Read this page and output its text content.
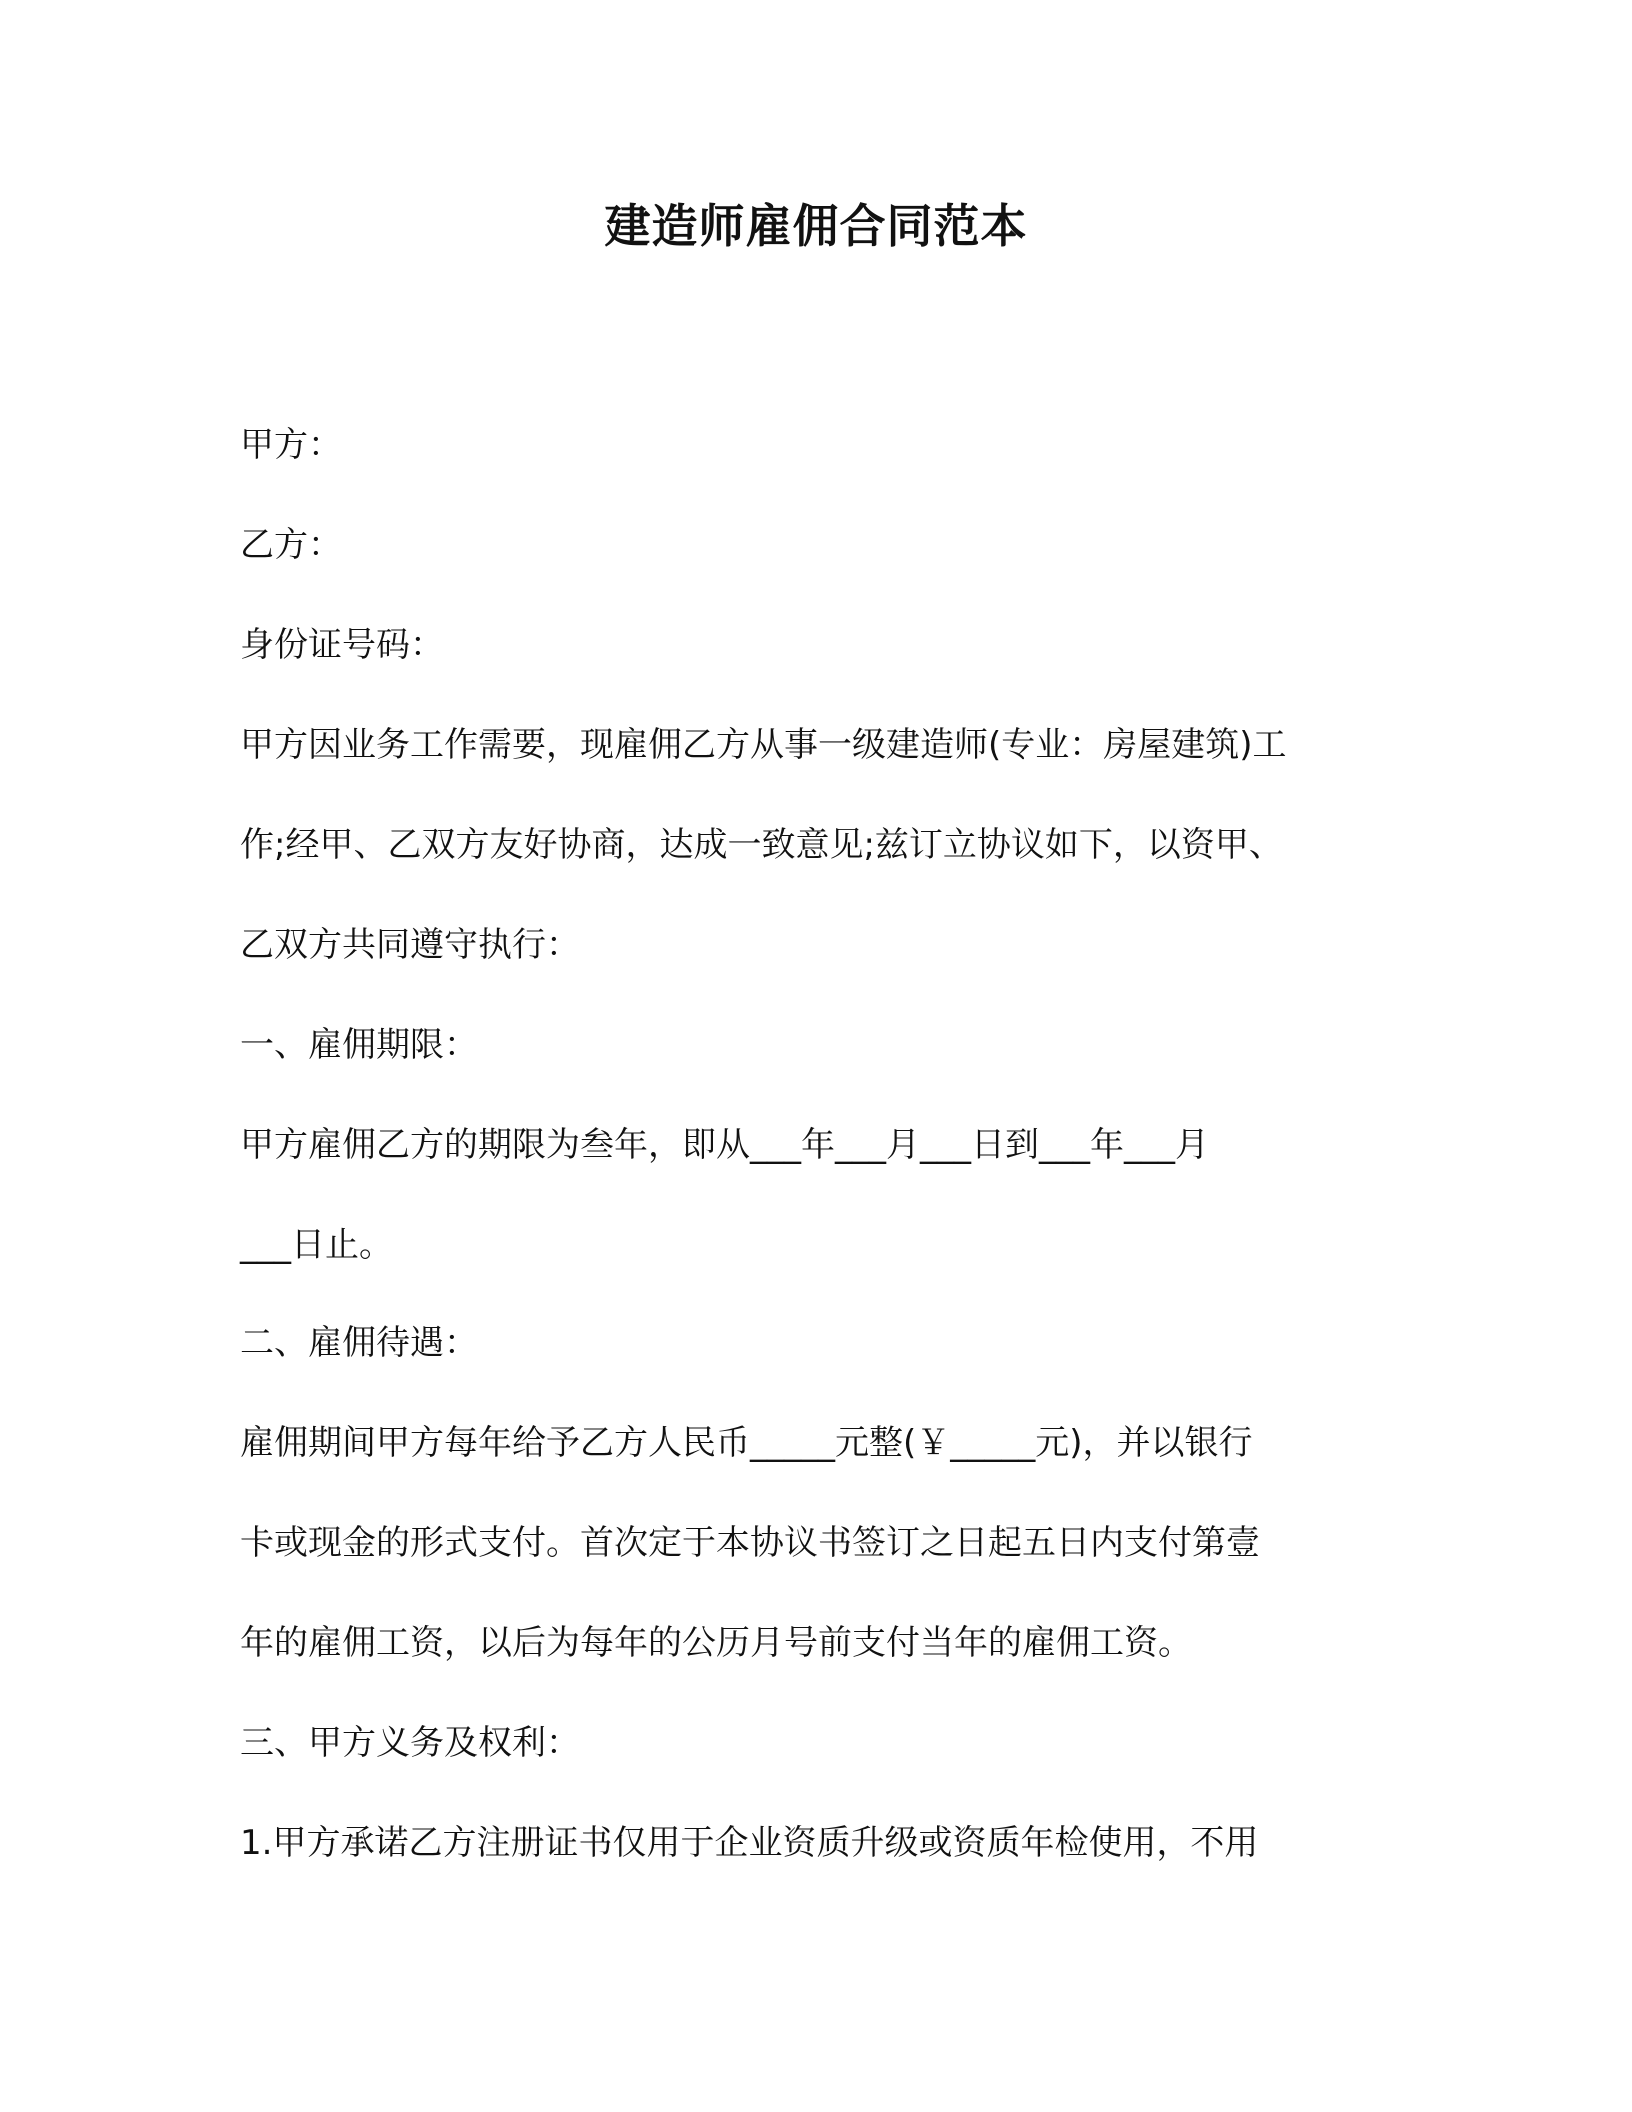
建造师雇佣合同范本
甲方：
乙方：
身份证号码：
甲方因业务工作需要，现雇佣乙方从事一级建造师(专业：房屋建筑)工
作;经甲、乙双方友好协商，达成一致意见;兹订立协议如下，以资甲、
乙双方共同遵守执行：
一、雇佣期限：
甲方雇佣乙方的期限为叁年，即从___年___月___日到___年___月
___日止。
二、雇佣待遇：
雇佣期间甲方每年给予乙方人民币_____元整(￥_____元)，并以银行
卡或现金的形式支付。首次定于本协议书签订之日起五日内支付第壹
年的雇佣工资，以后为每年的公历月号前支付当年的雇佣工资。
三、甲方义务及权利：
1.甲方承诺乙方注册证书仅用于企业资质升级或资质年检使用，不用
